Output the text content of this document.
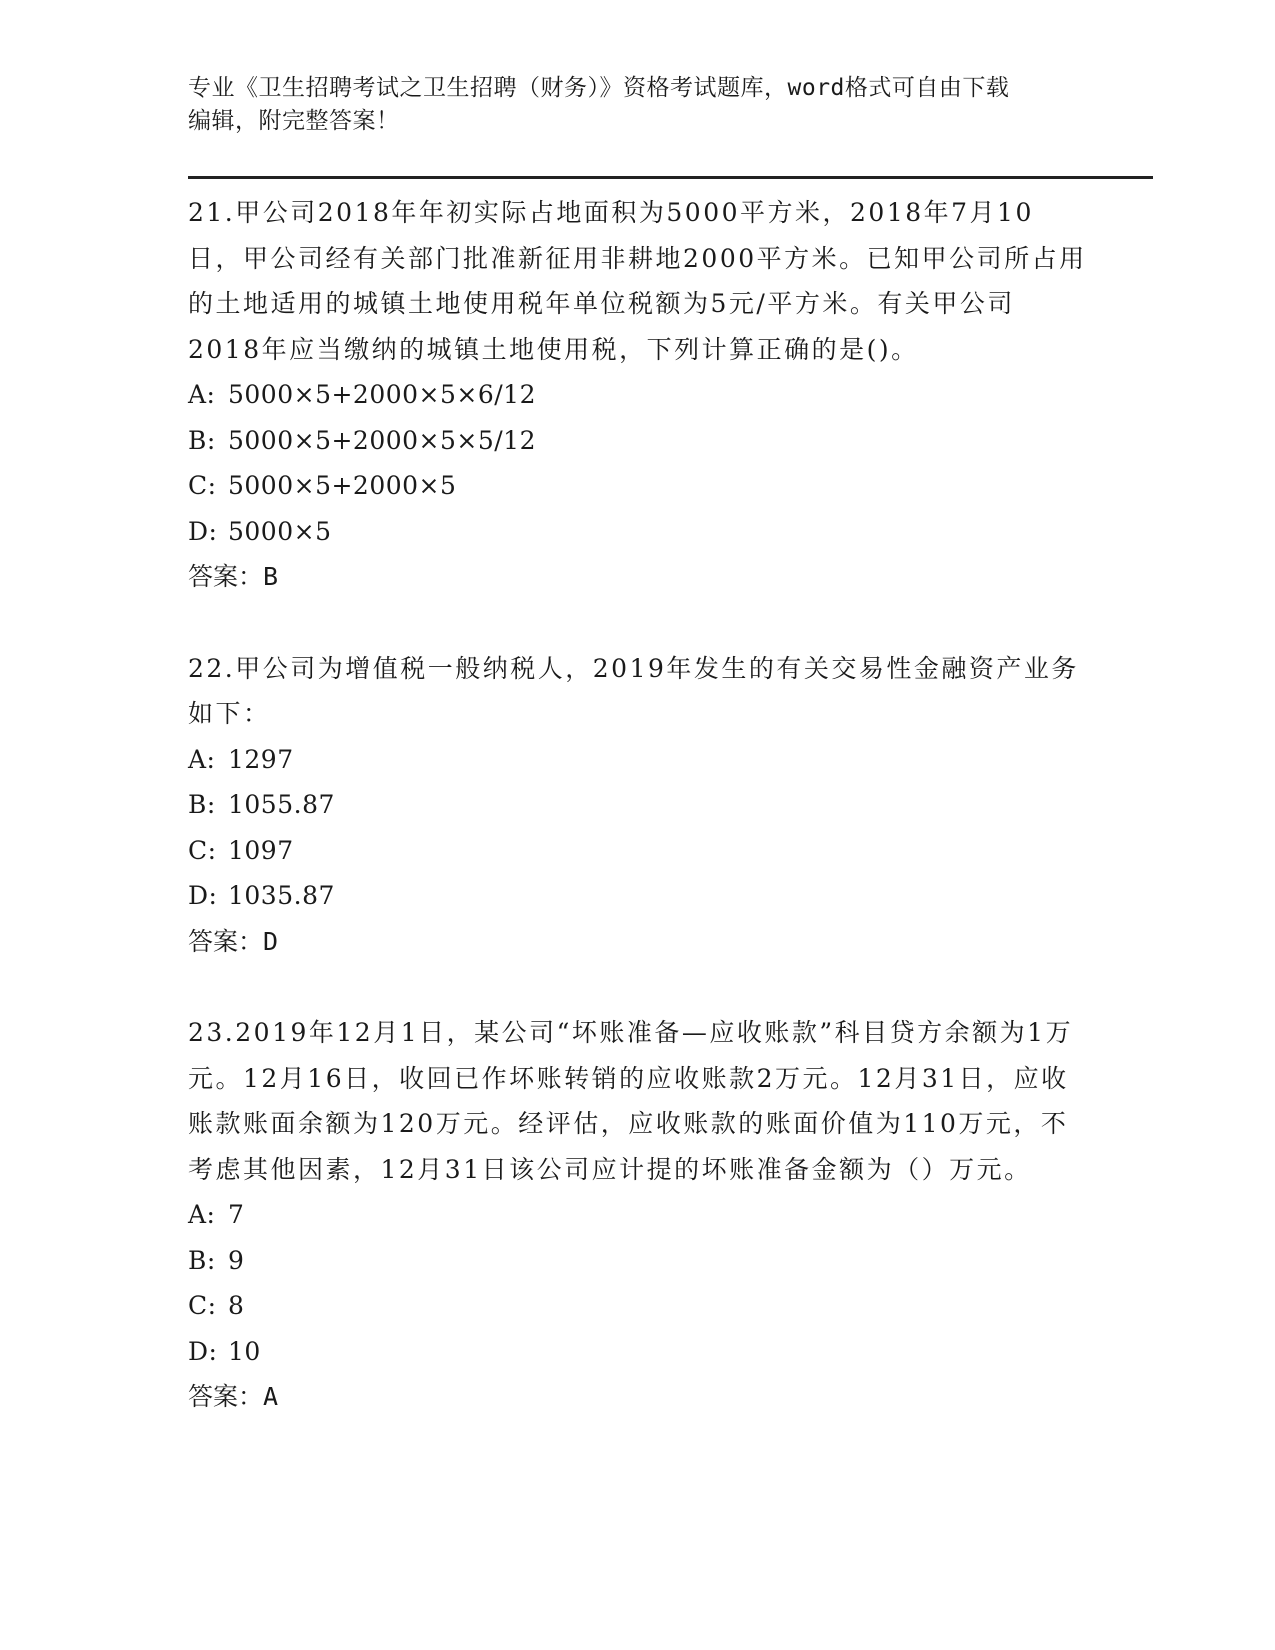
专业《卫生招聘考试之卫生招聘（财务）》资格考试题库，word格式可自由下载
编辑，附完整答案！

21.甲公司2018年年初实际占地面积为5000平方米，2018年7月10日，甲公司经有关部门批准新征用非耕地2000平方米。已知甲公司所占用的土地适用的城镇土地使用税年单位税额为5元/平方米。有关甲公司2018年应当缴纳的城镇土地使用税，下列计算正确的是()。

A: 5000×5+2000×5×6/12

B: 5000×5+2000×5×5/12

C: 5000×5+2000×5

D: 5000×5

答案：B

22.甲公司为增值税一般纳税人，2019年发生的有关交易性金融资产业务如下：

A: 1297

B: 1055.87

C: 1097

D: 1035.87

答案：D

23.2019年12月1日，某公司“坏账准备—应收账款”科目贷方余额为1万元。12月16日，收回已作坏账转销的应收账款2万元。12月31日，应收账款账面余额为120万元。经评估，应收账款的账面价值为110万元，不考虑其他因素，12月31日该公司应计提的坏账准备金额为（）万元。

A: 7

B: 9

C: 8

D: 10

答案：A
